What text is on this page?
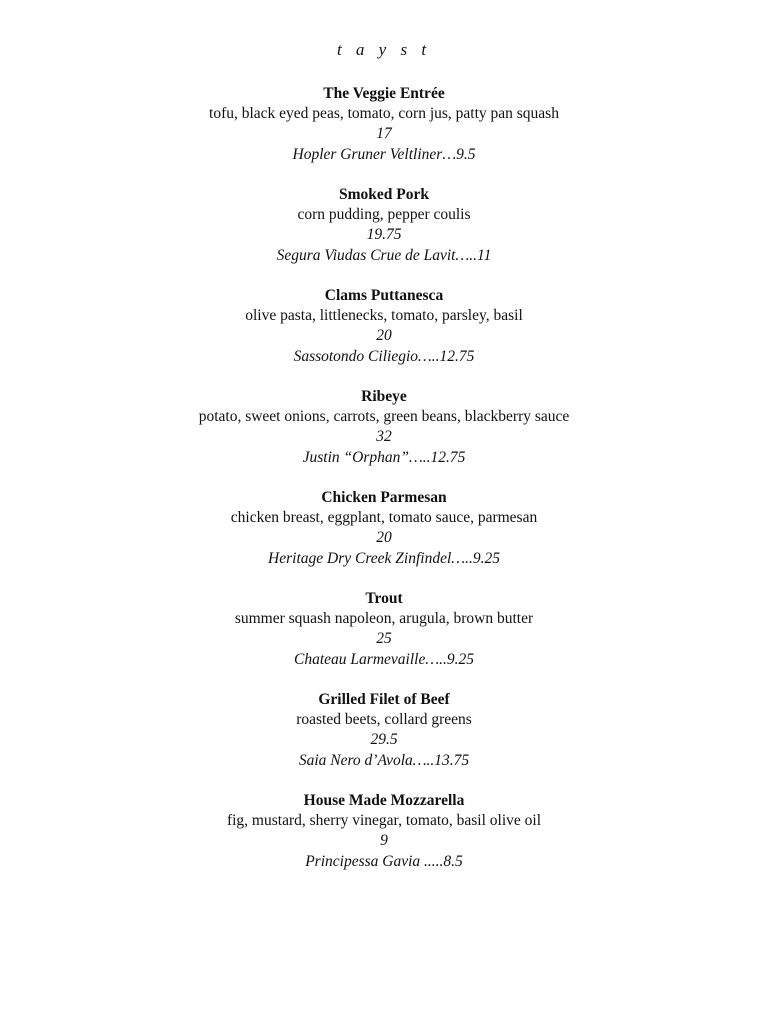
t a y s t

The Veggie Entrée

tofu, black eyed peas, tomato, corn jus, patty pan squash

17

Hopler Gruner Veltliner…9.5

Smoked Pork

corn pudding, pepper coulis

19.75

Segura Viudas Crue de Lavit…..11

Clams Puttanesca

olive pasta, littlenecks, tomato, parsley, basil

20

Sassotondo Ciliegio…..12.75

Ribeye

potato, sweet onions, carrots, green beans, blackberry sauce

32

Justin “Orphan”…..12.75

Chicken Parmesan

chicken breast, eggplant, tomato sauce, parmesan

20

Heritage Dry Creek Zinfindel…..9.25

Trout

summer squash napoleon, arugula, brown butter

25

Chateau Larmevaille…..9.25

Grilled Filet of Beef

roasted beets, collard greens

29.5

Saia Nero d’Avola…..13.75

House Made Mozzarella

fig, mustard, sherry vinegar, tomato, basil olive oil

9

Principessa Gavia .....8.5
